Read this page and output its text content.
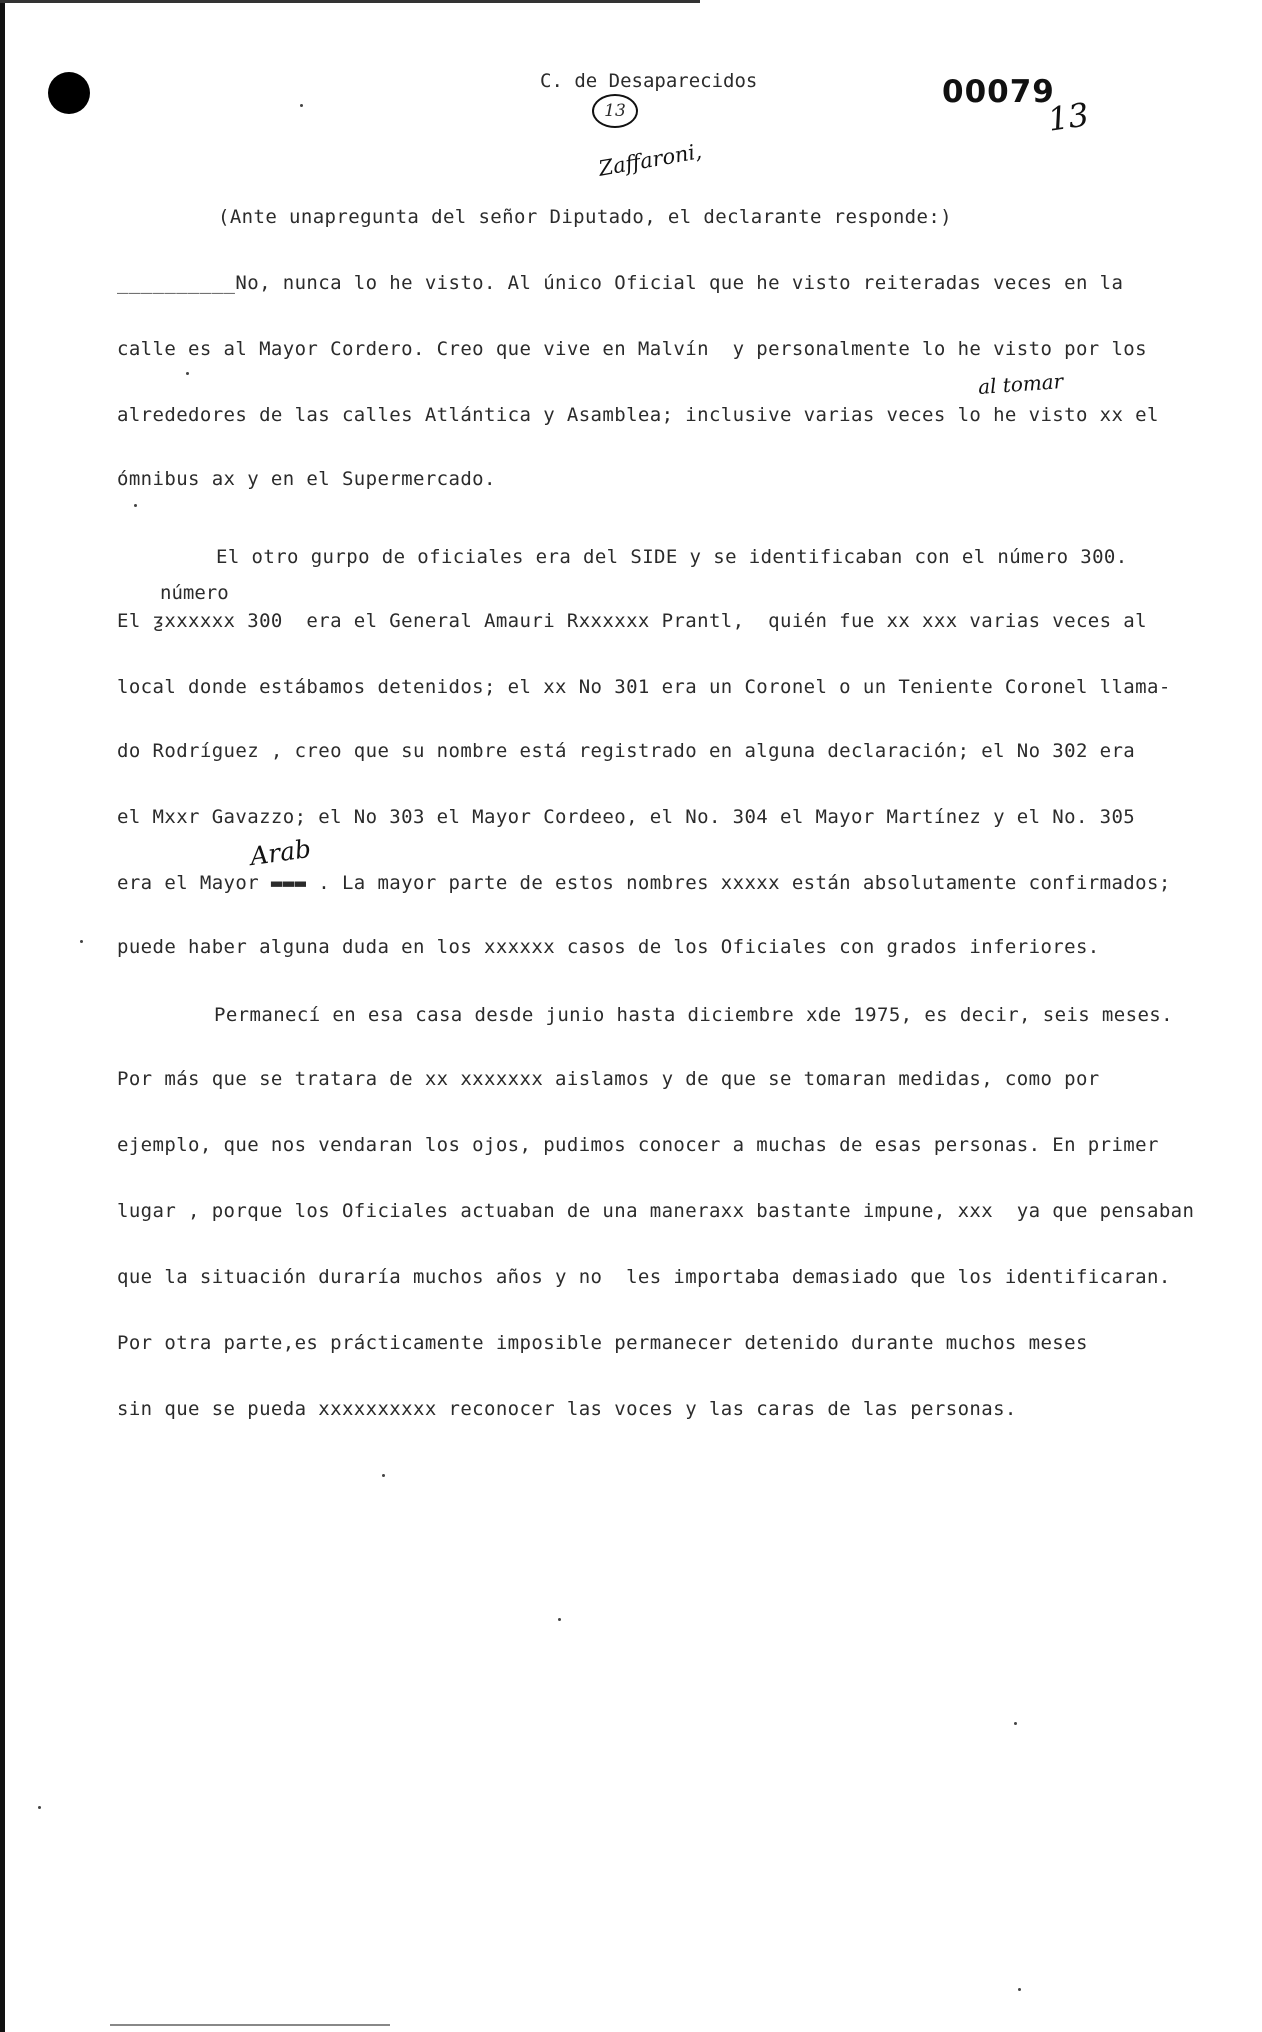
C. de Desaparecidos
13
00079
13
Zaffaroni,
al tomar
número
Arab
(Ante unapregunta del señor Diputado, el declarante responde:)
__________No, nunca lo he visto. Al único Oficial que he visto reiteradas veces en la
calle es al Mayor Cordero. Creo que vive en Malvín  y personalmente lo he visto por los
alrededores de las calles Atlántica y Asamblea; inclusive varias veces lo he visto xx el
ómnibus ax y en el Supermercado.
El otro gurpo de oficiales era del SIDE y se identificaban con el número 300.
El ƺxxxxxx 300  era el General Amauri Rxxxxxx Prantl,  quién fue xx xxx varias veces al
local donde estábamos detenidos; el xx No 301 era un Coronel o un Teniente Coronel llama-
do Rodríguez , creo que su nombre está registrado en alguna declaración; el No 302 era
el Mxxr Gavazzo; el No 303 el Mayor Cordeeo, el No. 304 el Mayor Martínez y el No. 305
era el Mayor ▬▬▬ . La mayor parte de estos nombres xxxxx están absolutamente confirmados;
puede haber alguna duda en los xxxxxx casos de los Oficiales con grados inferiores.
Permanecí en esa casa desde junio hasta diciembre xde 1975, es decir, seis meses.
Por más que se tratara de xx xxxxxxx aislamos y de que se tomaran medidas, como por
ejemplo, que nos vendaran los ojos, pudimos conocer a muchas de esas personas. En primer
lugar , porque los Oficiales actuaban de una maneraxx bastante impune, xxx  ya que pensaban
que la situación duraría muchos años y no  les importaba demasiado que los identificaran.
Por otra parte,es prácticamente imposible permanecer detenido durante muchos meses
sin que se pueda xxxxxxxxxx reconocer las voces y las caras de las personas.
